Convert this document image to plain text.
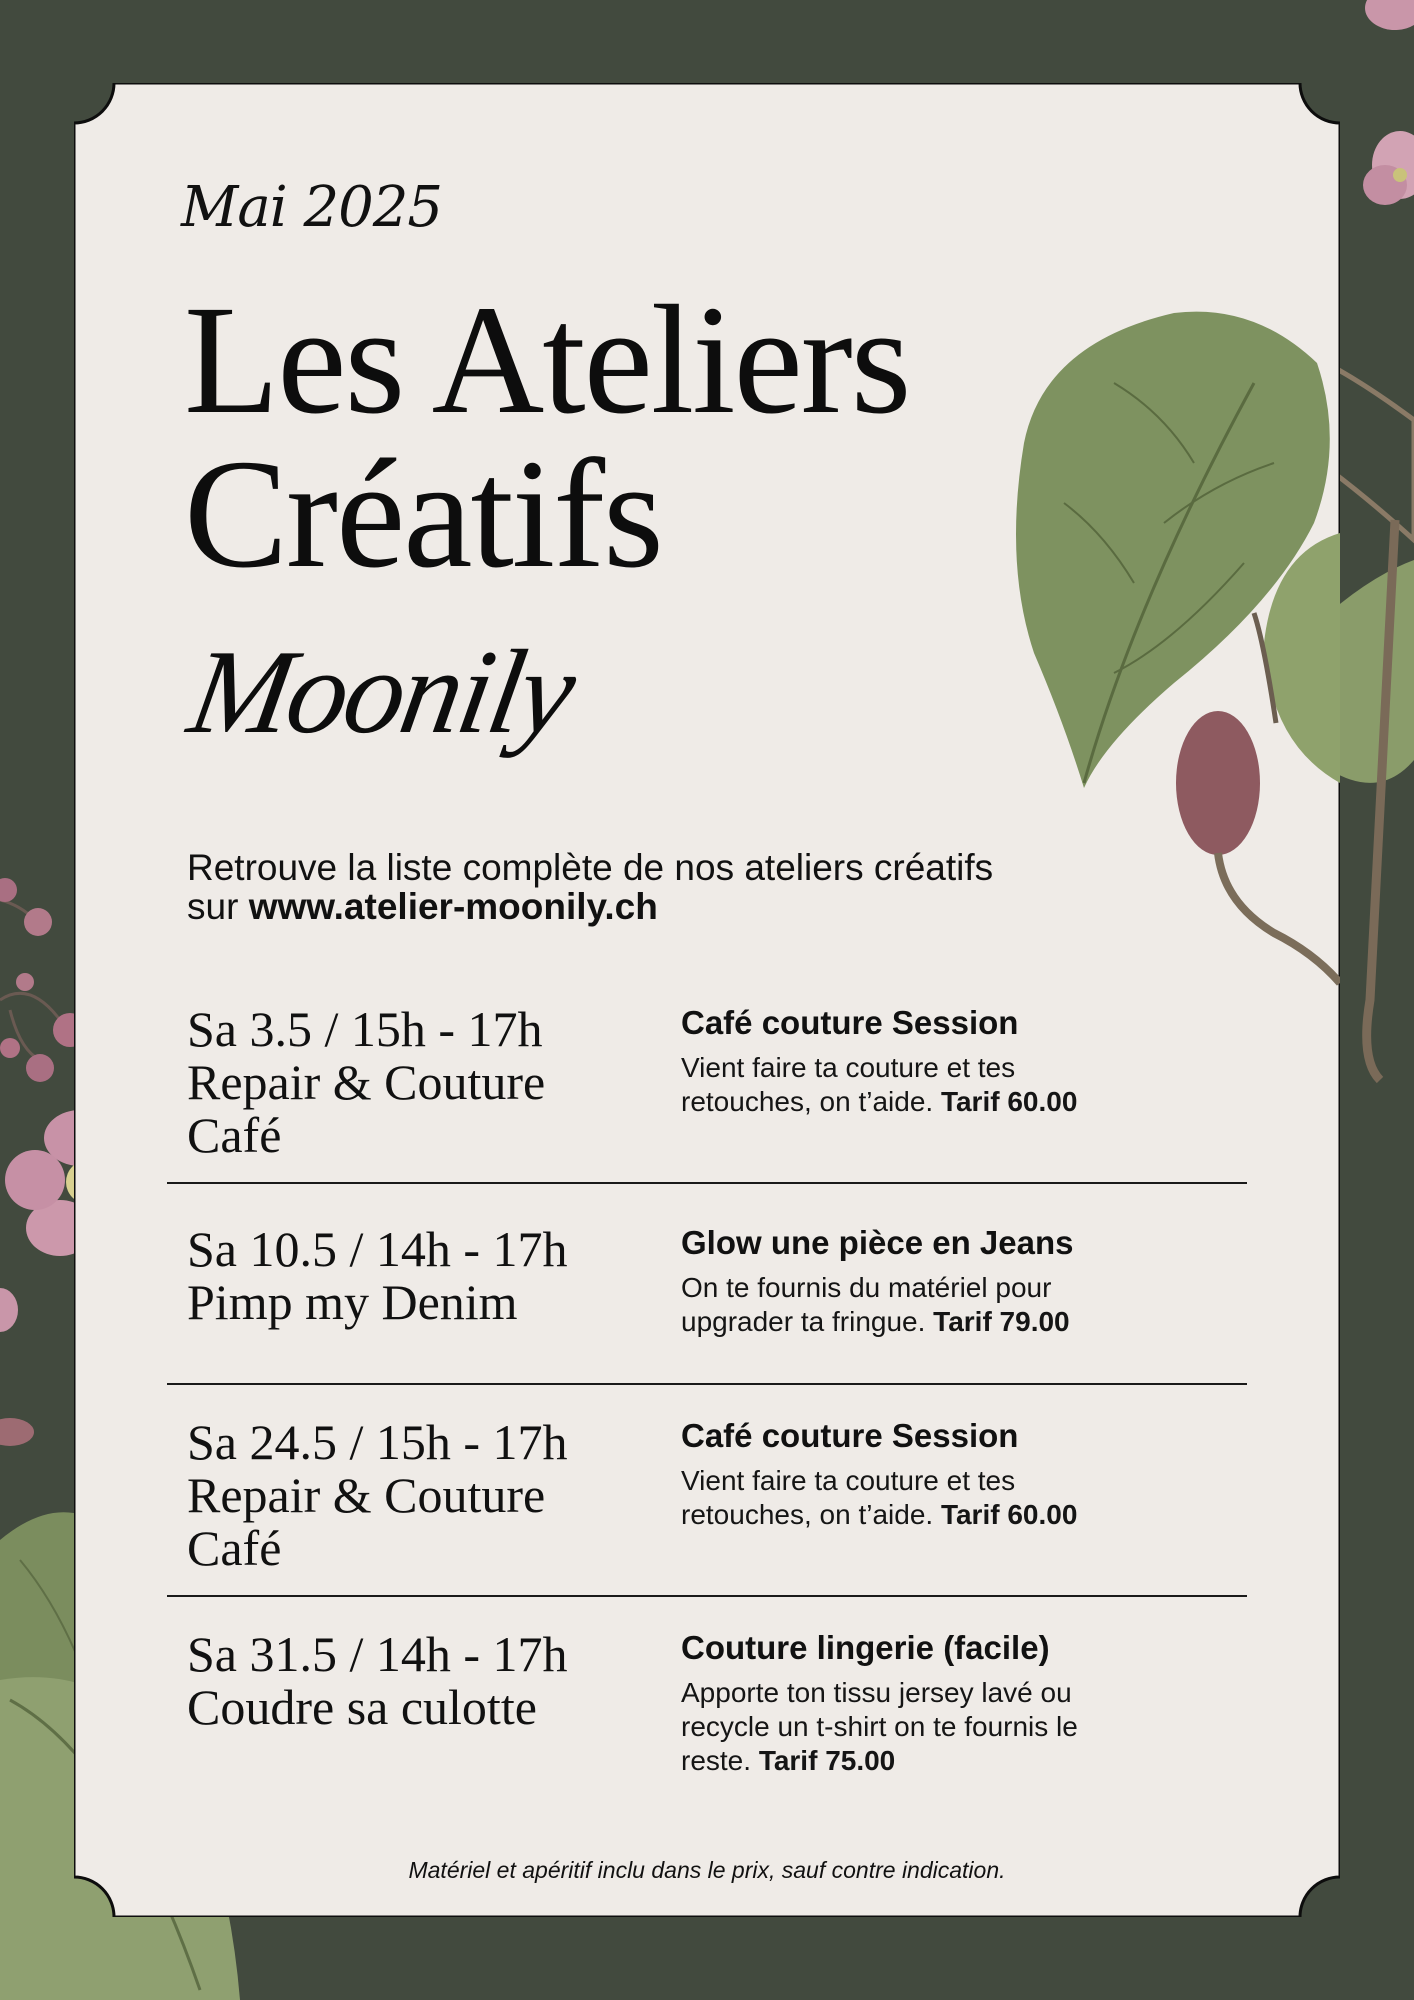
Mai 2025
Les Ateliers
Créatifs
Moonily
Retrouve la liste complète de nos ateliers créatifs sur www.atelier-moonily.ch
Sa 3.5 / 15h - 17h
Repair & Couture Café
Café couture Session
Vient faire ta couture et tes retouches, on t’aide. Tarif 60.00
Sa 10.5 / 14h - 17h
Pimp my Denim
Glow une pièce en Jeans
On te fournis du matériel pour upgrader ta fringue. Tarif 79.00
Sa 24.5 / 15h - 17h
Repair & Couture Café
Café couture Session
Vient faire ta couture et tes retouches, on t’aide. Tarif 60.00
Sa 31.5 / 14h - 17h
Coudre sa culotte
Couture lingerie (facile)
Apporte ton tissu jersey lavé ou recycle un t-shirt on te fournis le reste. Tarif 75.00
Matériel et apéritif inclu dans le prix, sauf contre indication.
